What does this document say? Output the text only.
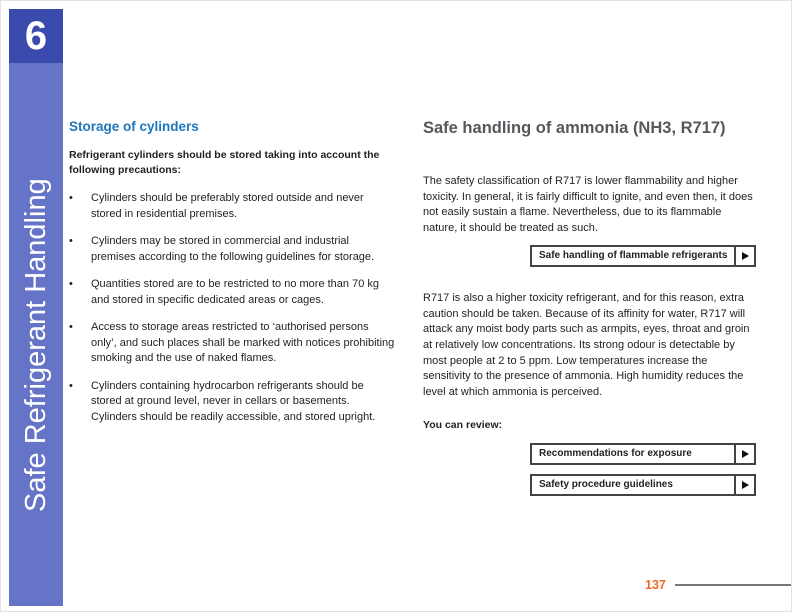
6
Safe Refrigerant Handling
Storage of cylinders

Refrigerant cylinders should be stored taking into account the following precautions:

•	Cylinders should be preferably stored outside and never stored in residential premises.
•	Cylinders may be stored in commercial and industrial premises according to the following guidelines for storage.
•	Quantities stored are to be restricted to no more than 70 kg and stored in specific dedicated areas or cages.
•	Access to storage areas restricted to ‘authorised persons only’, and such places shall be marked with notices prohibiting smoking and the use of naked flames.
•	Cylinders containing hydrocarbon refrigerants should be stored at ground level, never in cellars or basements. Cylinders should be readily accessible, and stored upright.
Safe handling of ammonia (NH3, R717)

The safety classification of R717 is lower flammability and higher toxicity. In general, it is fairly difficult to ignite, and even then, it does not easily sustain a flame. Nevertheless, due to its flammable nature, it should be treated as such.

Safe handling of flammable refrigerants

R717 is also a higher toxicity refrigerant, and for this reason, extra caution should be taken. Because of its affinity for water, R717 will attack any moist body parts such as armpits, eyes, throat and groin at relatively low concentrations. Its strong odour is detectable by most people at 2 to 5 ppm. Low temperatures increase the sensitivity to the presence of ammonia. High humidity reduces the level at which ammonia is perceived.

You can review:

Recommendations for exposure
Safety procedure guidelines
137
